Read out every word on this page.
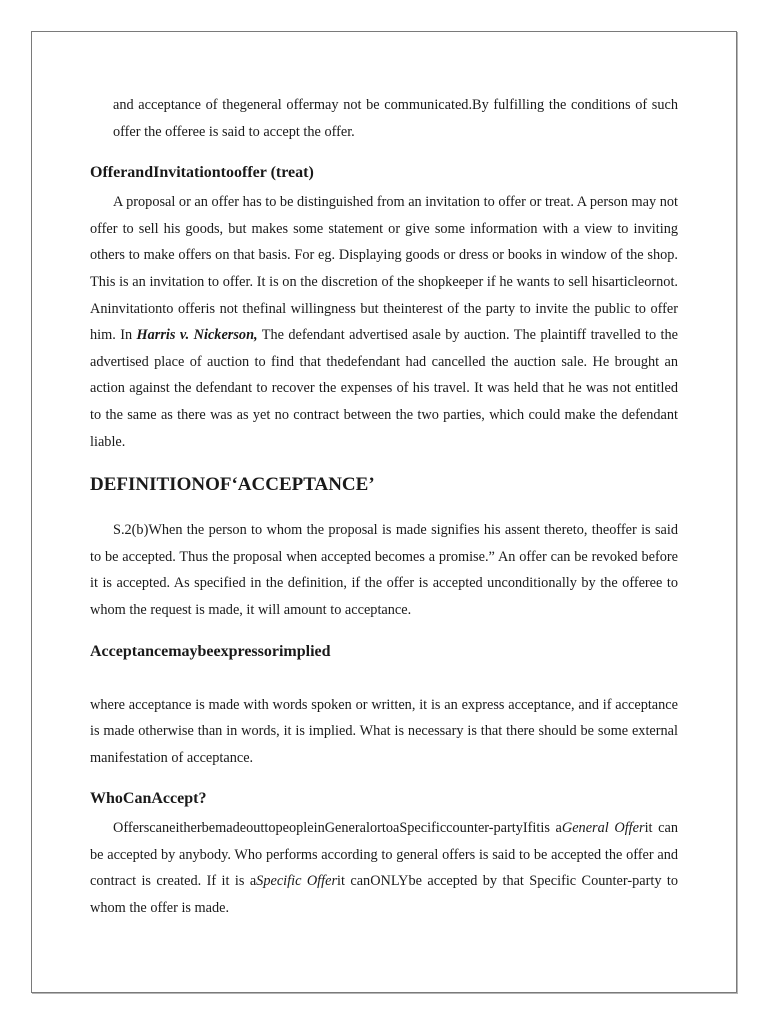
and acceptance of thegeneral offermay not be communicated.By fulfilling the conditions of such offer the offeree is said to accept the offer.

OfferandInvitationtooffer (treat)

A proposal or an offer has to be distinguished from an invitation to offer or treat. A person may not offer to sell his goods, but makes some statement or give some information with a view to inviting others to make offers on that basis. For eg. Displaying goods or dress or books in window of the shop. This is an invitation to offer. It is on the discretion of the shopkeeper if he wants to sell hisarticleornot. Aninvitationto offeris not thefinal willingness but theinterest of the party to invite the public to offer him. In Harris v. Nickerson, The defendant advertised asale by auction. The plaintiff travelled to the advertised place of auction to find that thedefendant had cancelled the auction sale. He brought an action against the defendant to recover the expenses of his travel. It was held that he was not entitled to the same as there was as yet no contract between the two parties, which could make the defendant liable.

DEFINITIONOF‘ACCEPTANCE’

S.2(b)When the person to whom the proposal is made signifies his assent thereto, theoffer is said to be accepted. Thus the proposal when accepted becomes a promise.” An offer can be revoked before it is accepted. As specified in the definition, if the offer is accepted unconditionally by the offeree to whom the request is made, it will amount to acceptance.

Acceptancemaybeexpressorimplied

where acceptance is made with words spoken or written, it is an express acceptance, and if acceptance is made otherwise than in words, it is implied. What is necessary is that there should be some external manifestation of acceptance.

WhoCanAccept?

OfferscaneitherbemadeouttopeopleinGeneralortoaSpecificcounter-partyIfitis aGeneral Offerit can be accepted by anybody. Who performs according to general offers is said to be accepted the offer and contract is created. If it is aSpecific Offerit canONLYbe accepted by that Specific Counter-party to whom the offer is made.
